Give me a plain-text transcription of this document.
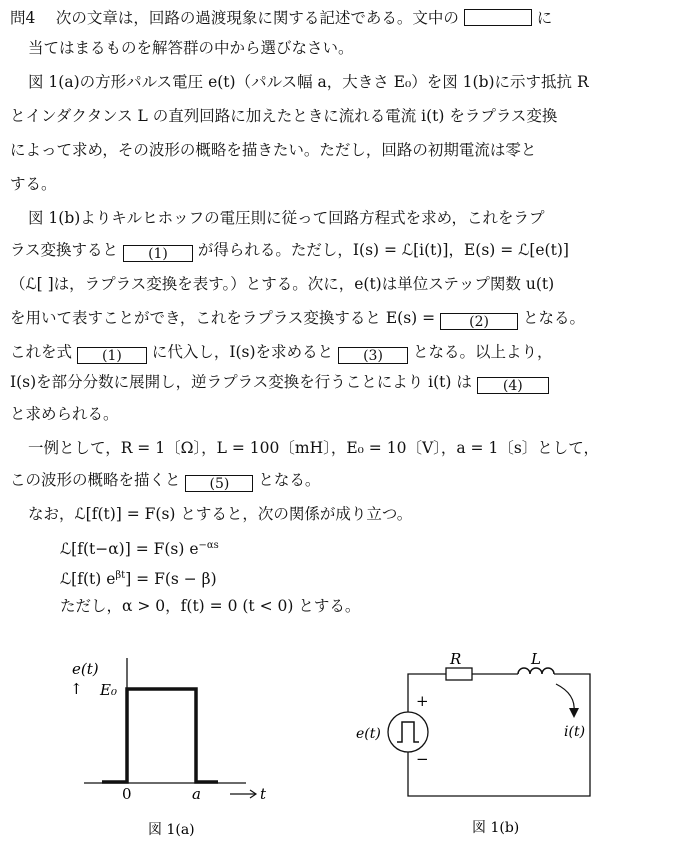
問4　 次の文章は，回路の過渡現象に関する記述である。文中の	に
当てはまるものを解答群の中から選びなさい。
図 1(a)の方形パルス電圧 e(t)（パルス幅 a，大きさ E₀）を図 1(b)に示す抵抗 R
とインダクタンス L の直列回路に加えたときに流れる電流 i(t) をラプラス変換
によって求め，その波形の概略を描きたい。ただし，回路の初期電流は零と
する。
図 1(b)よりキルヒホッフの電圧則に従って回路方程式を求め，これをラプ
ラス変換すると (1) が得られる。ただし，I(s) = ℒ[i(t)]，E(s) = ℒ[e(t)]
（ℒ[ ]は，ラプラス変換を表す。）とする。次に，e(t)は単位ステップ関数 u(t)
を用いて表すことができ，これをラプラス変換すると E(s) = (2) となる。
これを式 (1) に代入し，I(s)を求めると (3) となる。以上より，
I(s)を部分分数に展開し，逆ラプラス変換を行うことにより i(t) は (4)
と求められる。
一例として，R = 1〔Ω〕，L = 100〔mH〕，E₀ = 10〔V〕，a = 1〔s〕として，
この波形の概略を描くと (5) となる。
なお，ℒ[f(t)] = F(s) とすると，次の関係が成り立つ。
ℒ[f(t−α)] = F(s) $e^{-\alpha s}$
ℒ[f(t) $e^{\beta t}] = F(s - \beta)$
ただし，α > 0，f(t) = 0 (t < 0) とする。
e(t)
↑ E₀
0	a	t
図 1(a)
R	L
e(t)
+
−
i(t)
図 1(b)
